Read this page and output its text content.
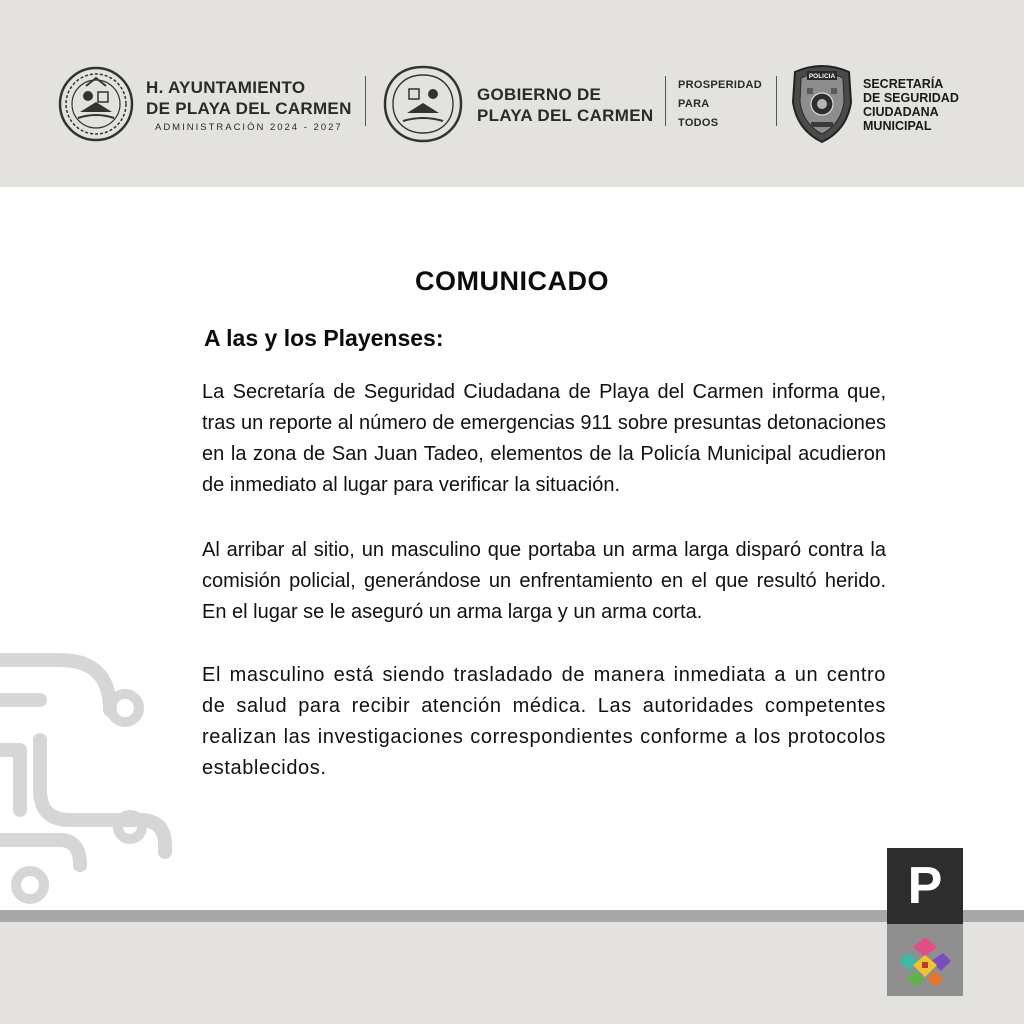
H. AYUNTAMIENTO
DE PLAYA DEL CARMEN
ADMINISTRACIÓN 2024 - 2027
GOBIERNO DE
PLAYA DEL CARMEN
PROSPERIDAD
PARA
TODOS
POLICIA
SECRETARÍA
DE SEGURIDAD
CIUDADANA
MUNICIPAL
COMUNICADO
A las y los Playenses:
La Secretaría de Seguridad Ciudadana de Playa del Carmen informa que, tras un reporte al número de emergencias 911 sobre presuntas detonaciones en la zona de San Juan Tadeo, elementos de la Policía Municipal acudieron de inmediato al lugar para verificar la situación.
Al arribar al sitio, un masculino que portaba un arma larga disparó contra la comisión policial, generándose un enfrentamiento en el que resultó herido. En el lugar se le aseguró un arma larga y un arma corta.
El masculino está siendo trasladado de manera inmediata a un centro de salud para recibir atención médica. Las autoridades competentes realizan las investigaciones correspondientes conforme a los protocolos establecidos.
P
